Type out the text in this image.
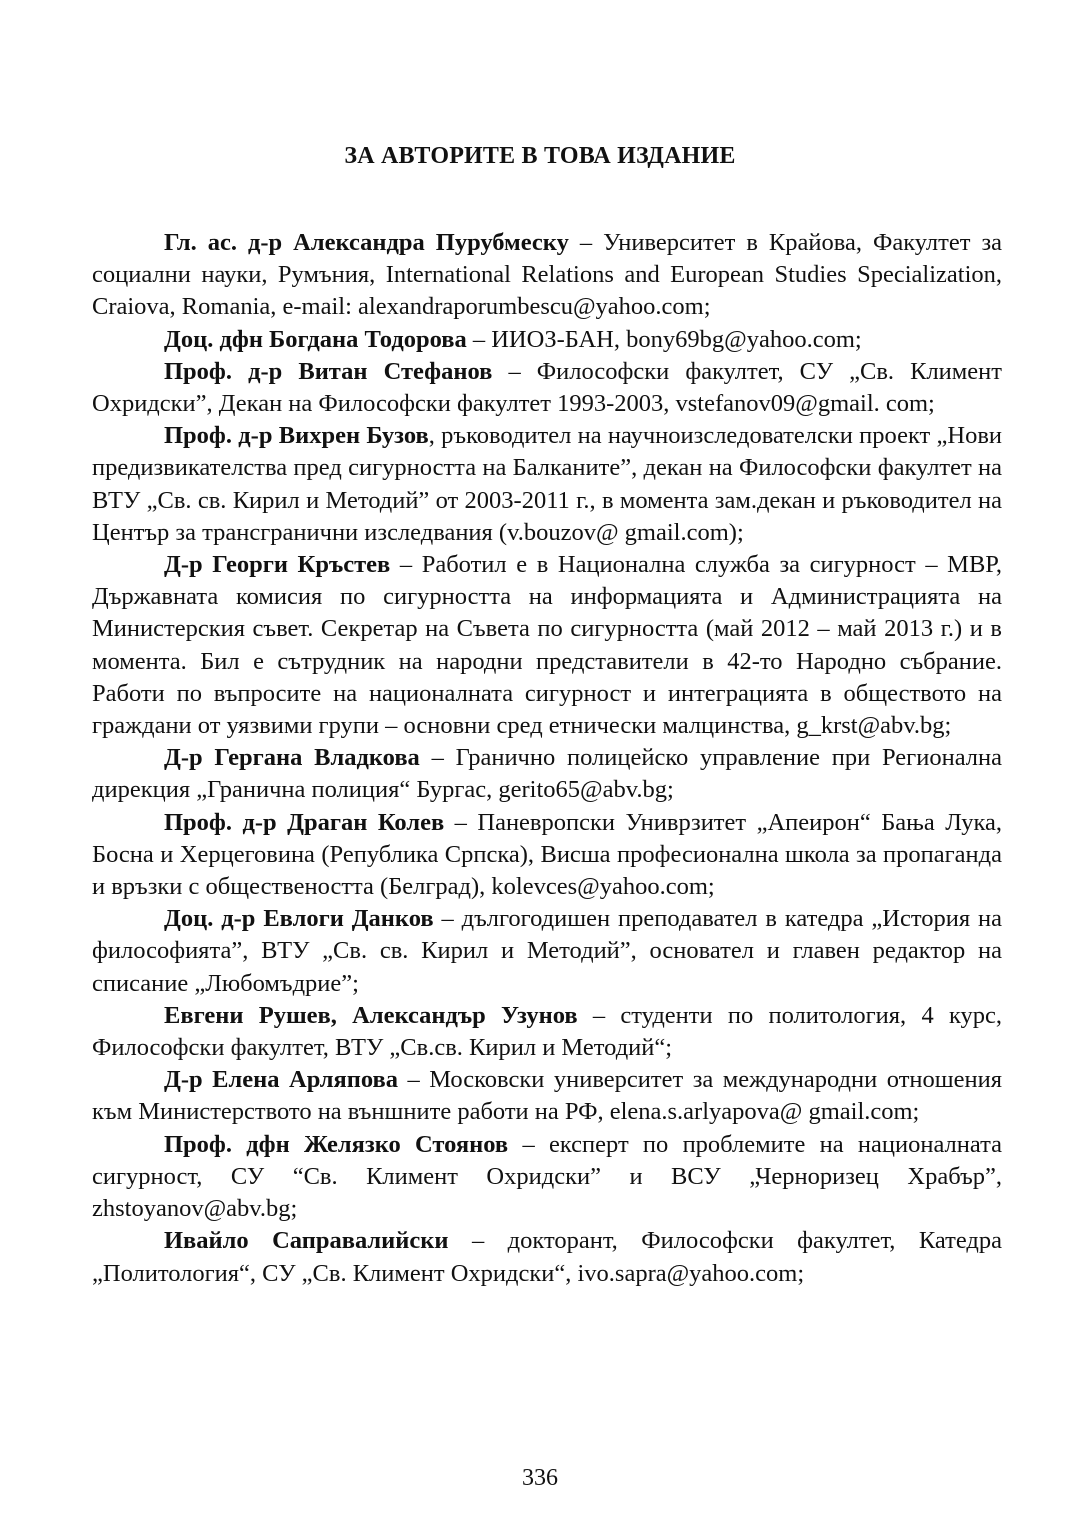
ЗА АВТОРИТЕ В ТОВА ИЗДАНИЕ

Гл. ас. д-р Александра Пурубмеску – Университет в Крайова, Факултет за социални науки, Румъния, International Relations and European Studies Specialization, Craiova, Romania, e-mail: alexandraporumbescu@yahoo.com;

Доц. дфн Богдана Тодорова – ИИОЗ-БАН, bony69bg@yahoo.com;

Проф. д-р Витан Стефанов – Философски факултет, СУ „Св. Климент Охридски”, Декан на Философски факултет 1993-2003, vstefanov09@gmail. com;

Проф. д-р Вихрен Бузов, ръководител на научноизследователски проект „Нови предизвикателства пред сигурността на Балканите”, декан на Философски факултет на ВТУ „Св. св. Кирил и Методий” от 2003-2011 г., в момента зам.декан и ръководител на Център за трансгранични изследвания (v.bouzov@ gmail.com);

Д-р Георги Кръстев – Работил е в Национална служба за сигурност – МВР, Държавната комисия по сигурността на информацията и Администрацията на Министерския съвет. Секретар на Съвета по сигурността (май 2012 – май 2013 г.) и в момента. Бил е сътрудник на народни представители в 42-то Народно събрание. Работи по въпросите на националната сигурност и интеграцията в обществото на граждани от уязвими групи – основни сред етнически малцинства, g_krst@abv.bg;

Д-р Гергана Владкова – Гранично полицейско управление при Регионална дирекция „Гранична полиция“ Бургас, gerito65@abv.bg;

Проф. д-р Драган Колев – Паневропски Униврзитет „Апеирон“ Бања Лука, Босна и Херцеговина (Република Српска), Висша професионална школа за пропаганда и връзки с обществеността (Белград), kolevces@yahoo.com;

Доц. д-р Евлоги Данков – дългогодишен преподавател в катедра „История на философията”, ВТУ „Св. св. Кирил и Методий”, основател и главен редактор на списание „Любомъдрие”;

Евгени Рушев, Александър Узунов – студенти по политология, 4 курс, Философски факултет, ВТУ „Св.св. Кирил и Методий“;

Д-р Елена Арляпова – Московски университет за международни отношения към Министерството на външните работи на РФ, elena.s.arlyapova@ gmail.com;

Проф. дфн Желязко Стоянов – експерт по проблемите на националната сигурност, СУ “Св. Климент Охридски” и ВСУ „Черноризец Храбър”, zhstoyanov@abv.bg;

Ивайло Саправалийски – докторант, Философски факултет, Катедра „Политология“, СУ „Св. Климент Охридски“, ivo.sapra@yahoo.com;

336
